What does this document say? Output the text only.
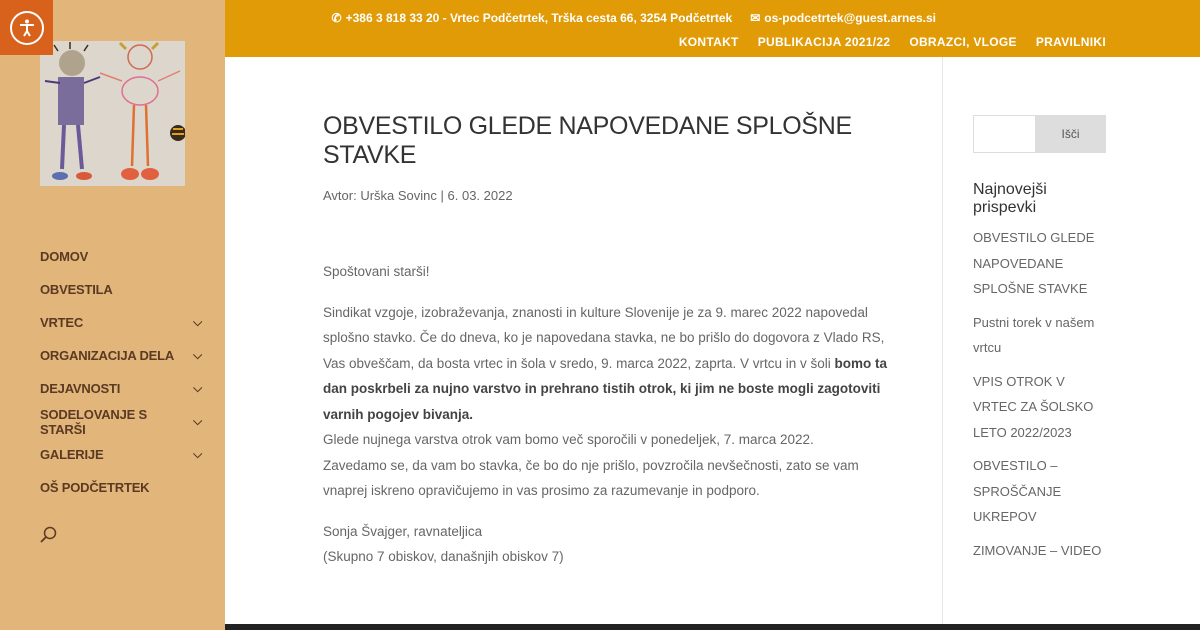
DOMOV
OBVESTILA
VRTEC	⌵
ORGANIZACIJA DELA ⌵
DEJAVNOSTI	⌵
SODELOVANJE S STARŠI
⌵
GALERIJE	⌵
OŠ PODČETRTEK
✆ +386 3 818 33 20 - Vrtec Podčetrtek, Trška cesta 66, 3254 Podčetrtek ✉ os-podcetrtek@guest.arnes.si
KONTAKT PUBLIKACIJA 2021/22 OBRAZCI, VLOGE PRAVILNIKI
OBVESTILO GLEDE NAPOVEDANE SPLOŠNE STAVKE
Avtor: Urška Sovinc | 6. 03. 2022

Spoštovani starši!

Sindikat vzgoje, izobraževanja, znanosti in kulture Slovenije je za 9. marec 2022 napovedal splošno stavko. Če do dneva, ko je napovedana stavka, ne bo prišlo do dogovora z Vlado RS, Vas obveščam, da bosta vrtec in šola v sredo, 9. marca 2022, zaprta. V vrtcu in v šoli bomo ta dan poskrbeli za nujno varstvo in prehrano tistih otrok, ki jim ne boste mogli zagotoviti varnih pogojev bivanja.
Glede nujnega varstva otrok vam bomo več sporočili v ponedeljek, 7. marca 2022.
Zavedamo se, da vam bo stavka, če bo do nje prišlo, povzročila nevšečnosti, zato se vam vnaprej iskreno opravičujemo in vas prosimo za razumevanje in podporo.

Sonja Švajger, ravnateljica
(Skupno 7 obiskov, današnjih obiskov 7)

Išči
Najnovejši prispevki
OBVESTILO GLEDE NAPOVEDANE SPLOŠNE STAVKE
Pustni torek v našem vrtcu
VPIS OTROK V VRTEC ZA ŠOLSKO LETO 2022/2023
OBVESTILO – SPROŠČANJE UKREPOV
ZIMOVANJE – VIDEO
